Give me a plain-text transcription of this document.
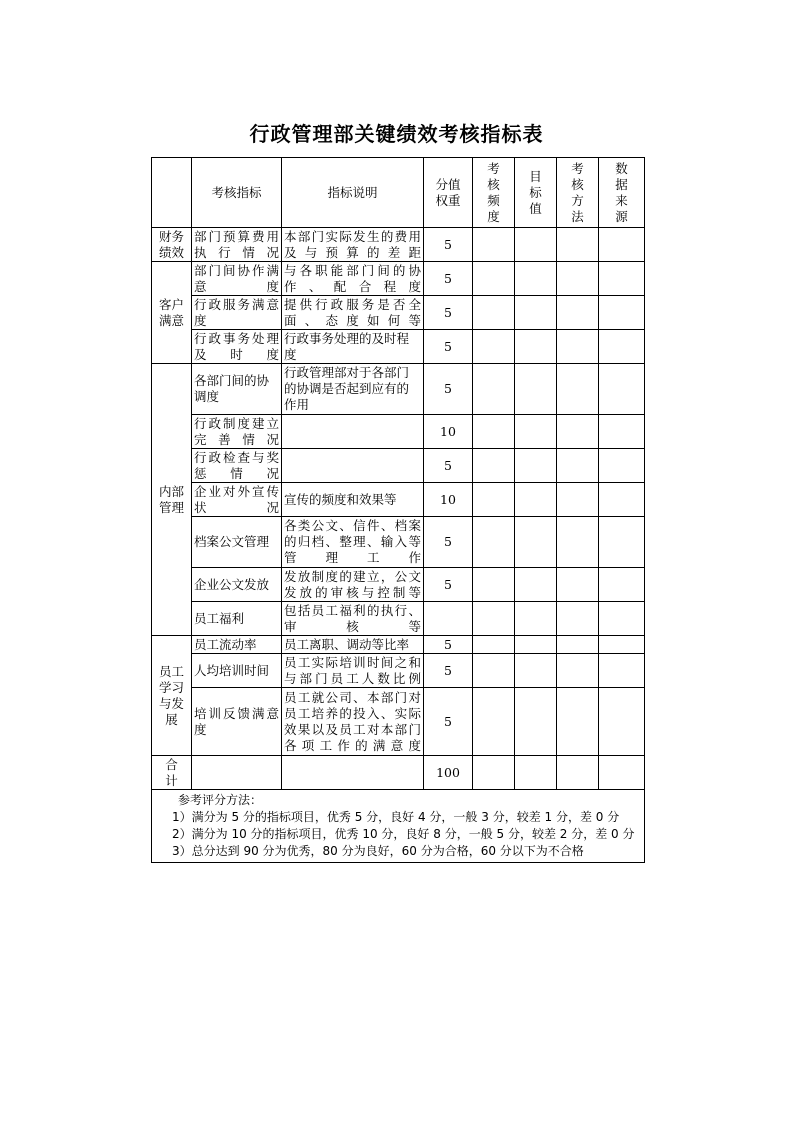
行政管理部关键绩效考核指标表
	考核指标	指标说明	分值权重	考核频度	目标值	考核方法	数据来源

财务绩效	部门预算费用执行情况	本部门实际发生的费用及与预算的差距	5				

客户满意	部门间协作满意度	与各职能部门间的协作、配合程度	5				
	行政服务满意度	提供行政服务是否全面、态度如何等	5				
	行政事务处理及时度	行政事务处理的及时程度	5				

内部管理	各部门间的协调度	行政管理部对于各部门的协调是否起到应有的作用	5				
	行政制度建立完善情况		10				
	行政检查与奖惩情况		5				
	企业对外宣传状况	宣传的频度和效果等	10				
	档案公文管理	各类公文、信件、档案的归档、整理、输入等管理工作	5				
	企业公文发放	发放制度的建立，公文发放的审核与控制等	5				
	员工福利	包括员工福利的执行、审核等					

员工学习与发展	员工流动率	员工离职、调动等比率	5				
	人均培训时间	员工实际培训时间之和与部门员工人数比例	5				
	培训反馈满意度	员工就公司、本部门对员工培养的投入、实际效果以及员工对本部门各项工作的满意度	5				

合计			100				

参考评分方法：
1）满分为 5 分的指标项目，优秀 5 分，良好 4 分，一般 3 分，较差 1 分，差 0 分
2）满分为 10 分的指标项目，优秀 10 分，良好 8 分，一般 5 分，较差 2 分，差 0 分
3）总分达到 90 分为优秀，80 分为良好，60 分为合格，60 分以下为不合格							
